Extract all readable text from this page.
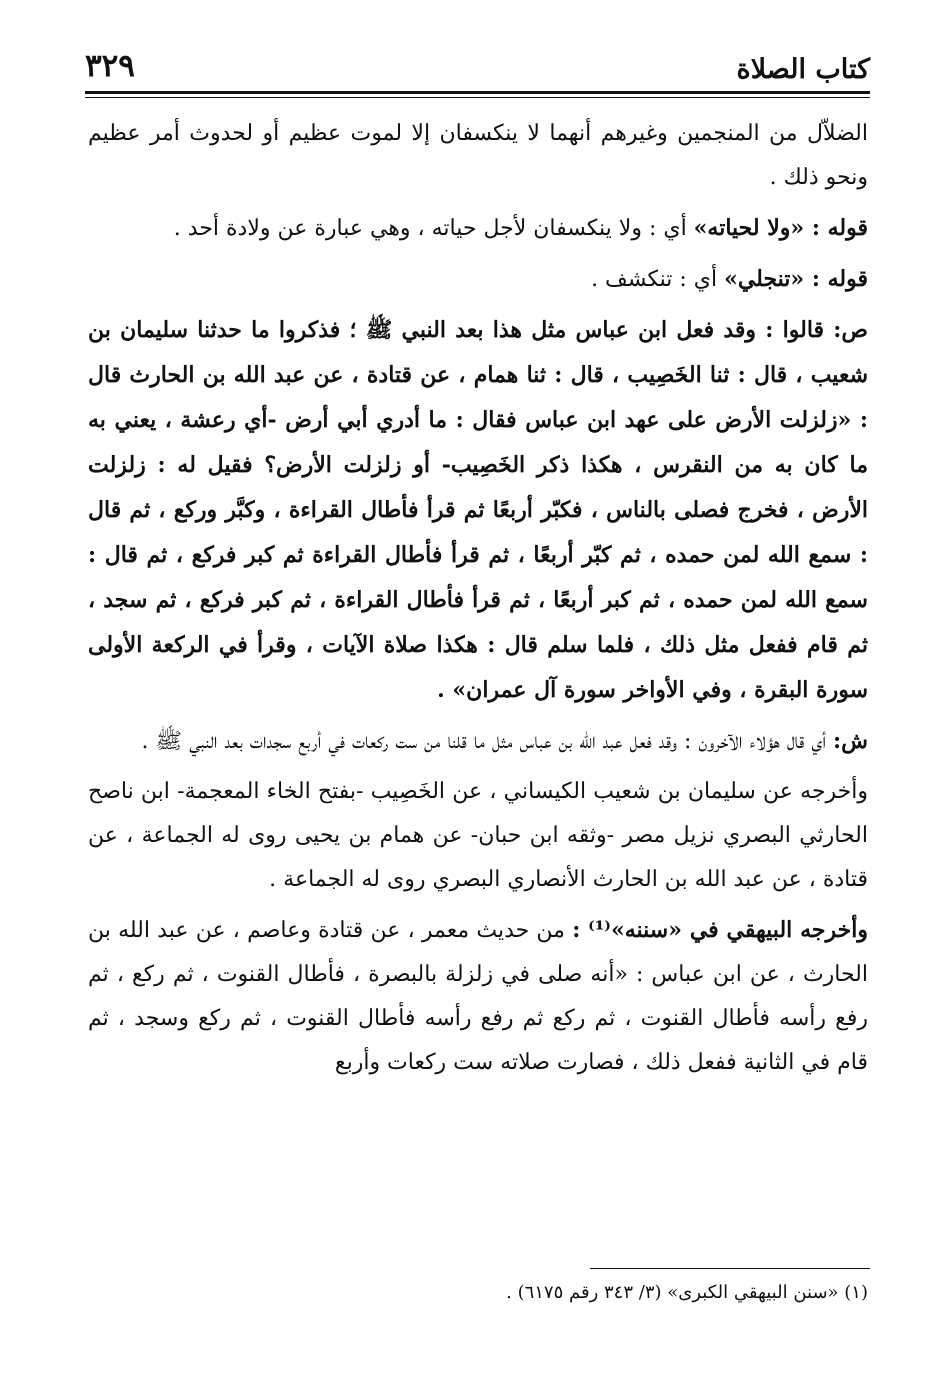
كتاب الصلاة
٣٢٩

الضلاّل من المنجمين وغيرهم أنهما لا ينكسفان إلا لموت عظيم أو لحدوث أمر عظيم ونحو ذلك .

قوله : «ولا لحياته» أي : ولا ينكسفان لأجل حياته ، وهي عبارة عن ولادة أحد .

قوله : «تنجلي» أي : تنكشف .

ص: قالوا : وقد فعل ابن عباس مثل هذا بعد النبي ﷺ ؛ فذكروا ما حدثنا سليمان بن شعيب ، قال : ثنا الخَصِيب ، قال : ثنا همام ، عن قتادة ، عن عبد الله بن الحارث قال : «زلزلت الأرض على عهد ابن عباس فقال : ما أدري أبي أرض -أي رعشة ، يعني به ما كان به من النقرس ، هكذا ذكر الخَصِيب- أو زلزلت الأرض؟ فقيل له : زلزلت الأرض ، فخرج فصلى بالناس ، فكبّر أربعًا ثم قرأ فأطال القراءة ، وكبَّر وركع ، ثم قال : سمع الله لمن حمده ، ثم كبّر أربعًا ، ثم قرأ فأطال القراءة ثم كبر فركع ، ثم قال : سمع الله لمن حمده ، ثم كبر أربعًا ، ثم قرأ فأطال القراءة ، ثم كبر فركع ، ثم سجد ، ثم قام ففعل مثل ذلك ، فلما سلم قال : هكذا صلاة الآيات ، وقرأ في الركعة الأولى سورة البقرة ، وفي الأواخر سورة آل عمران» .

ش: أي قال هؤلاء الآخرون : وقد فعل عبد الله بن عباس مثل ما قلنا من ست ركعات في أربع سجدات بعد النبي ﷺ .

وأخرجه عن سليمان بن شعيب الكيساني ، عن الخَصِيب -بفتح الخاء المعجمة- ابن ناصح الحارثي البصري نزيل مصر -وثقه ابن حبان- عن همام بن يحيى روى له الجماعة ، عن قتادة ، عن عبد الله بن الحارث الأنصاري البصري روى له الجماعة .

وأخرجه البيهقي في «سننه»⁽¹⁾ : من حديث معمر ، عن قتادة وعاصم ، عن عبد الله بن الحارث ، عن ابن عباس : «أنه صلى في زلزلة بالبصرة ، فأطال القنوت ، ثم ركع ، ثم رفع رأسه فأطال القنوت ، ثم ركع ثم رفع رأسه فأطال القنوت ، ثم ركع وسجد ، ثم قام في الثانية ففعل ذلك ، فصارت صلاته ست ركعات وأربع

(١) «سنن البيهقي الكبرى» (٣/ ٣٤٣ رقم ٦١٧٥) .
